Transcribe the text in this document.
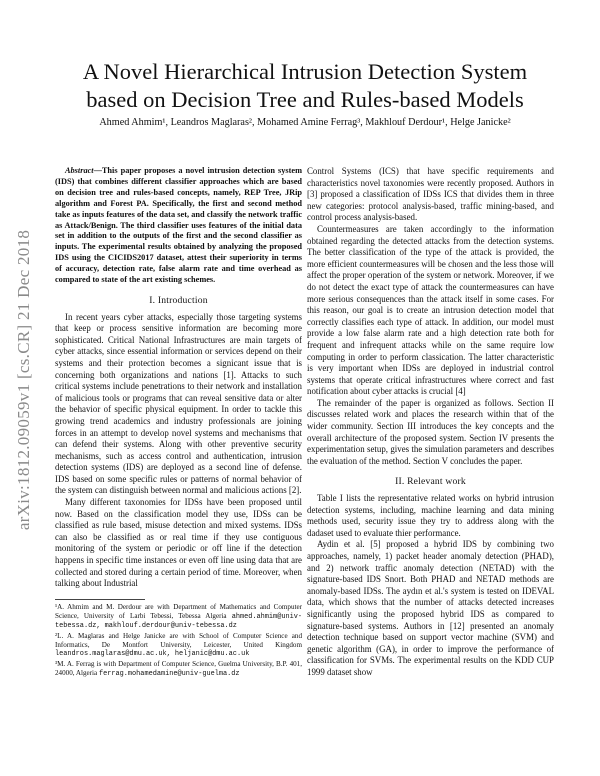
arXiv:1812.09059v1 [cs.CR] 21 Dec 2018
A Novel Hierarchical Intrusion Detection System
based on Decision Tree and Rules-based Models
Ahmed Ahmim¹, Leandros Maglaras², Mohamed Amine Ferrag³, Makhlouf Derdour¹, Helge Janicke²

Abstract—This paper proposes a novel intrusion detection system (IDS) that combines different classifier approaches which are based on decision tree and rules-based concepts, namely, REP Tree, JRip algorithm and Forest PA. Specifically, the first and second method take as inputs features of the data set, and classify the network traffic as Attack/Benign. The third classifier uses features of the initial data set in addition to the outputs of the first and the second classifier as inputs. The experimental results obtained by analyzing the proposed IDS using the CICIDS2017 dataset, attest their superiority in terms of accuracy, detection rate, false alarm rate and time overhead as compared to state of the art existing schemes.

I. Introduction

In recent years cyber attacks, especially those targeting systems that keep or process sensitive information are becoming more sophisticated. Critical National Infrastructures are main targets of cyber attacks, since essential information or services depend on their systems and their protection becomes a signicant issue that is concerning both organizations and nations [1]. Attacks to such critical systems include penetrations to their network and installation of malicious tools or programs that can reveal sensitive data or alter the behavior of specific physical equipment. In order to tackle this growing trend academics and industry professionals are joining forces in an attempt to develop novel systems and mechanisms that can defend their systems. Along with other preventive security mechanisms, such as access control and authentication, intrusion detection systems (IDS) are deployed as a second line of defense. IDS based on some specific rules or patterns of normal behavior of the system can distinguish between normal and malicious actions [2].

Many different taxonomies for IDSs have been proposed until now. Based on the classification model they use, IDSs can be classified as rule based, misuse detection and mixed systems. IDSs can also be classified as or real time if they use contiguous monitoring of the system or periodic or off line if the detection happens in specific time instances or even off line using data that are collected and stored during a certain period of time. Moreover, when talking about Industrial

¹A. Ahmim and M. Derdour are with Department of Mathematics and Computer Science, University of Larbi Tebessi, Tebessa Algeria ahmed.ahmim@univ-tebessa.dz, makhlouf.derdour@univ-tebessa.dz

²L. A. Maglaras and Helge Janicke are with School of Computer Science and Informatics, De Montfort University, Leicester, United Kingdom leandros.maglaras@dmu.ac.uk, heljanic@dmu.ac.uk

³M. A. Ferrag is with Department of Computer Science, Guelma University, B.P. 401, 24000, Algeria ferrag.mohamedamine@univ-guelma.dz

Control Systems (ICS) that have specific requirements and characteristics novel taxonomies were recently proposed. Authors in [3] proposed a classification of IDSs ICS that divides them in three new categories: protocol analysis-based, traffic mining-based, and control process analysis-based.

Countermeasures are taken accordingly to the information obtained regarding the detected attacks from the detection systems. The better classification of the type of the attack is provided, the more efficient countermeasures will be chosen and the less those will affect the proper operation of the system or network. Moreover, if we do not detect the exact type of attack the countermeasures can have more serious consequences than the attack itself in some cases. For this reason, our goal is to create an intrusion detection model that correctly classifies each type of attack. In addition, our model must provide a low false alarm rate and a high detection rate both for frequent and infrequent attacks while on the same require low computing in order to perform classication. The latter characteristic is very important when IDSs are deployed in industrial control systems that operate critical infrastructures where correct and fast notification about cyber attacks is crucial [4]

The remainder of the paper is organized as follows. Section II discusses related work and places the research within that of the wider community. Section III introduces the key concepts and the overall architecture of the proposed system. Section IV presents the experimentation setup, gives the simulation parameters and describes the evaluation of the method. Section V concludes the paper.

II. Relevant work

Table I lists the representative related works on hybrid intrusion detection systems, including, machine learning and data mining methods used, security issue they try to address along with the dadaset used to evaluate thier performance.

Aydin et al. [5] proposed a hybrid IDS by combining two approaches, namely, 1) packet header anomaly detection (PHAD), and 2) network traffic anomaly detection (NETAD) with the signature-based IDS Snort. Both PHAD and NETAD methods are anomaly-based IDSs. The aydın et al.'s system is tested on IDEVAL data, which shows that the number of attacks detected increases significantly using the proposed hybrid IDS as compared to signature-based systems. Authors in [12] presented an anomaly detection technique based on support vector machine (SVM) and genetic algorithm (GA), in order to improve the performance of classification for SVMs. The experimental results on the KDD CUP 1999 dataset show
